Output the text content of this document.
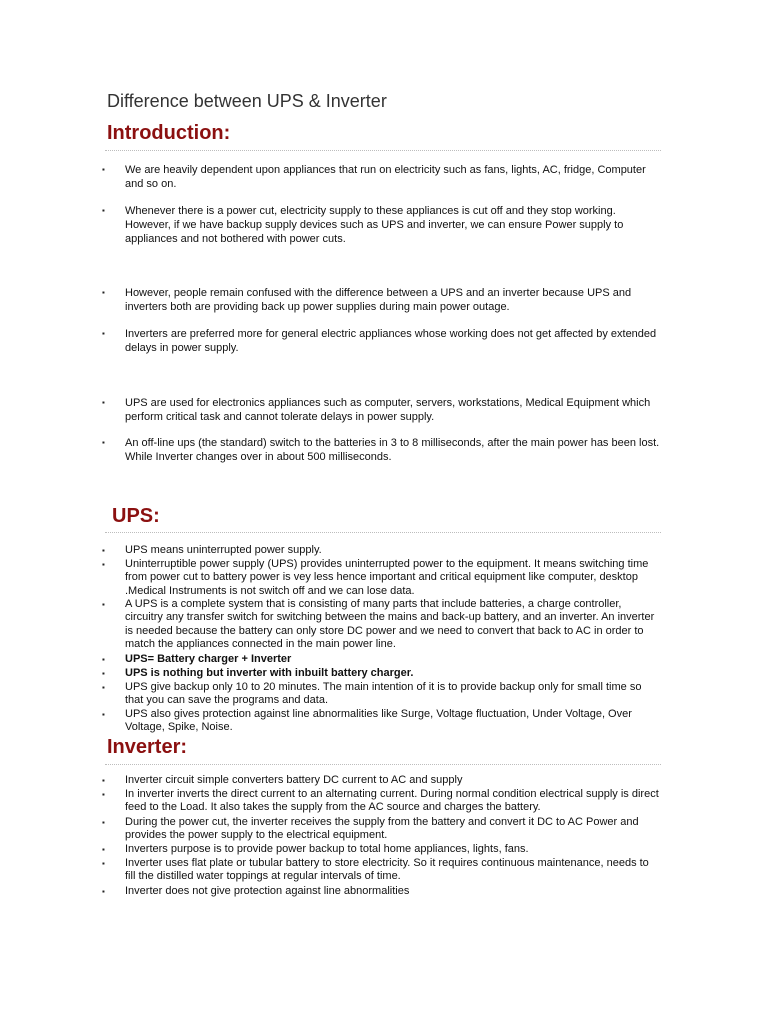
Difference between UPS & Inverter
Introduction:
▪ We are heavily dependent upon appliances that run on electricity such as fans, lights, AC, fridge, Computer and so on.
▪ Whenever there is a power cut, electricity supply to these appliances is cut off and they stop working. However, if we have backup supply devices such as UPS and inverter, we can ensure Power supply to appliances and not bothered with power cuts.
▪ However, people remain confused with the difference between a UPS and an inverter because UPS and inverters both are providing back up power supplies during main power outage.
▪ Inverters are preferred more for general electric appliances whose working does not get affected by extended delays in power supply.
▪ UPS are used for electronics appliances such as computer, servers, workstations, Medical Equipment which perform critical task and cannot tolerate delays in power supply.
▪ An off-line ups (the standard) switch to the batteries in 3 to 8 milliseconds, after the main power has been lost. While Inverter changes over in about 500 milliseconds.
UPS:
▪ UPS means uninterrupted power supply.
▪ Uninterruptible power supply (UPS) provides uninterrupted power to the equipment. It means switching time from power cut to battery power is vey less hence important and critical equipment like computer, desktop .Medical Instruments is not switch off and we can lose data.
▪ A UPS is a complete system that is consisting of many parts that include batteries, a charge controller, circuitry any transfer switch for switching between the mains and back-up battery, and an inverter. An inverter is needed because the battery can only store DC power and we need to convert that back to AC in order to match the appliances connected in the main power line.
▪ UPS= Battery charger + Inverter
▪ UPS is nothing but inverter with inbuilt battery charger.
▪ UPS give backup only 10 to 20 minutes. The main intention of it is to provide backup only for small time so that you can save the programs and data.
▪ UPS also gives protection against line abnormalities like Surge, Voltage fluctuation, Under Voltage, Over Voltage, Spike, Noise.
Inverter:
▪ Inverter circuit simple converters battery DC current to AC and supply
▪ In inverter inverts the direct current to an alternating current. During normal condition electrical supply is direct feed to the Load. It also takes the supply from the AC source and charges the battery.
▪ During the power cut, the inverter receives the supply from the battery and convert it DC to AC Power and provides the power supply to the electrical equipment.
▪ Inverters purpose is to provide power backup to total home appliances, lights, fans.
▪ Inverter uses flat plate or tubular battery to store electricity. So it requires continuous maintenance, needs to fill the distilled water toppings at regular intervals of time.
▪ Inverter does not give protection against line abnormalities
